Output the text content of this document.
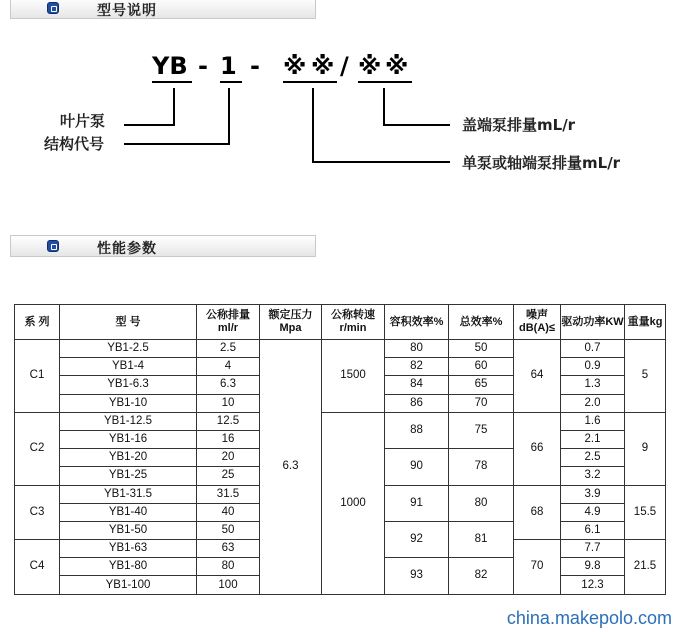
型号说明
YB - 1 - ※ ※ / ※ ※
叶片泵
结构代号
盖端泵排量mL/r
单泵或轴端泵排量mL/r
性能参数
系 列	型 号	公称排量ml/r	额定压力Mpa	公称转速r/min	容积效率%	总效率%	噪声dB(A)≤	驱动功率KW	重量kg
C1	YB1-2.5	2.5	6.3	1500	80	50	64	0.7	5
	YB1-4	4			82	60		0.9	
	YB1-6.3	6.3			84	65		1.3	
	YB1-10	10			86	70		2.0	
C2	YB1-12.5	12.5		1000	88	75	66	1.6	9
	YB1-16	16						2.1	
	YB1-20	20			90	78		2.5	
	YB1-25	25						3.2	
C3	YB1-31.5	31.5			91	80	68	3.9	15.5
	YB1-40	40						4.9	
	YB1-50	50			92	81		6.1	
C4	YB1-63	63					70	7.7	21.5
	YB1-80	80			93	82		9.8	
	YB1-100	100						12.3	
china.makepolo.com
